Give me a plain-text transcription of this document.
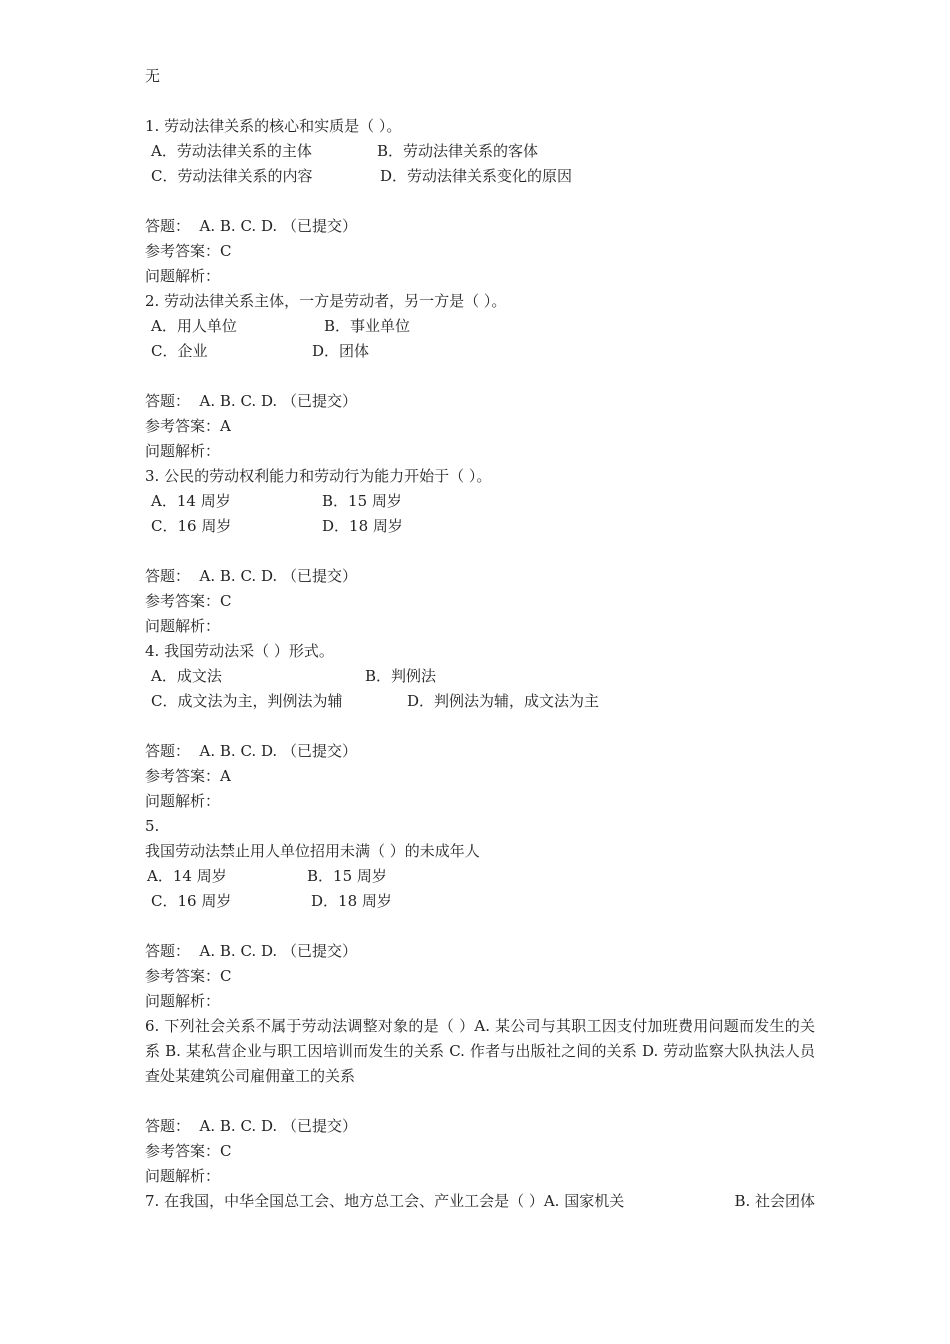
无
1. 劳动法律关系的核心和实质是（ ）。
A．劳动法律关系的主体	B．劳动法律关系的客体
C．劳动法律关系的内容	D．劳动法律关系变化的原因
答题：  A. B. C. D. （已提交）
参考答案：C
问题解析：
2. 劳动法律关系主体，一方是劳动者，另一方是（ ）。
A．用人单位	B．事业单位
C．企业	D．团体
答题：  A. B. C. D. （已提交）
参考答案：A
问题解析：
3. 公民的劳动权利能力和劳动行为能力开始于（ ）。
A．14 周岁	B．15 周岁
C．16 周岁	D．18 周岁
答题：  A. B. C. D. （已提交）
参考答案：C
问题解析：
4. 我国劳动法采（ ）形式。
A．成文法	B．判例法
C．成文法为主，判例法为辅	D．判例法为辅，成文法为主
答题：  A. B. C. D. （已提交）
参考答案：A
问题解析：
5.
我国劳动法禁止用人单位招用未满（ ）的未成年人
A．14 周岁	B．15 周岁
C．16 周岁	D．18 周岁
答题：  A. B. C. D. （已提交）
参考答案：C
问题解析：
6. 下列社会关系不属于劳动法调整对象的是（ ）A. 某公司与其职工因支付加班费用问题而发生的关系 B. 某私营企业与职工因培训而发生的关系 C. 作者与出版社之间的关系 D. 劳动监察大队执法人员查处某建筑公司雇佣童工的关系
答题：  A. B. C. D. （已提交）
参考答案：C
问题解析：
7. 在我国，中华全国总工会、地方总工会、产业工会是（ ）A. 国家机关	B. 社会团体
